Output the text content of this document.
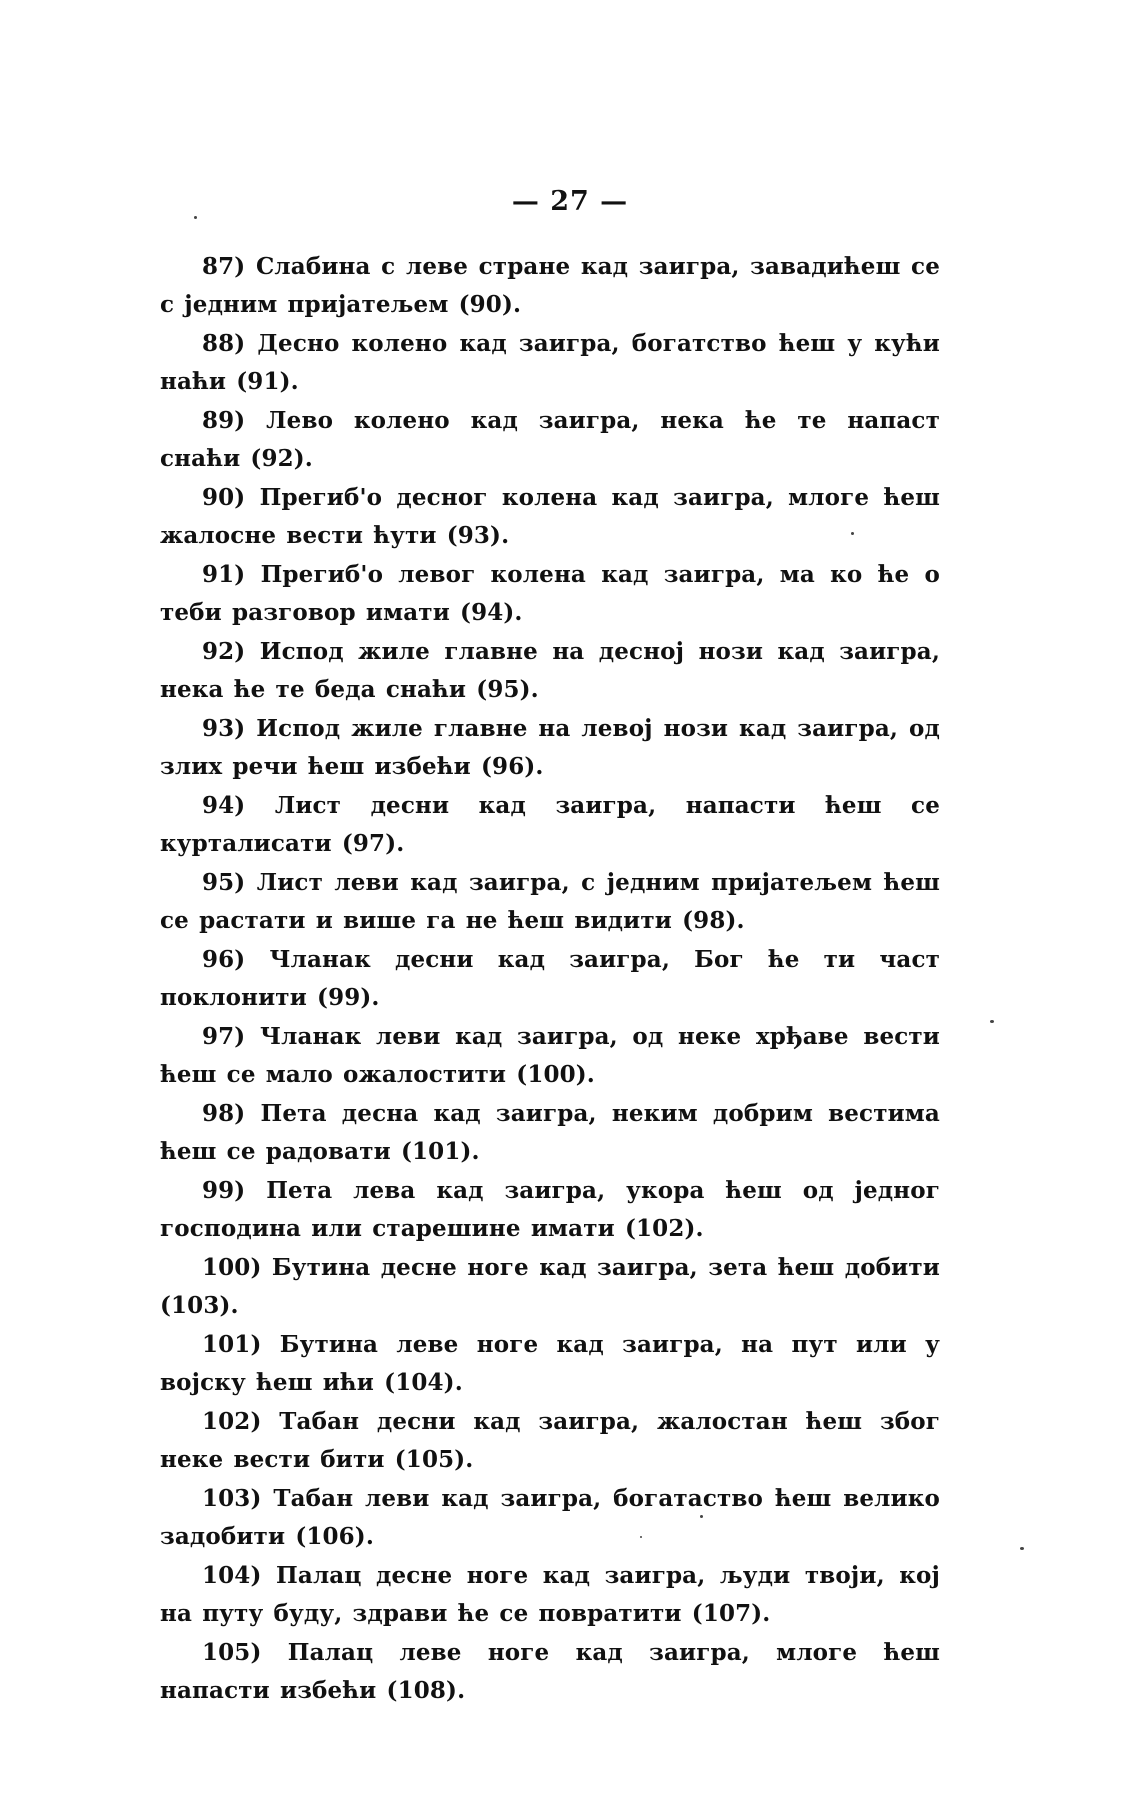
— 27 —

87) Слабина с леве стране кад заигра, завадићеш се с једним пријатељем (90).

88) Десно колено кад заигра, богатство ћеш у кући наћи (91).

89) Лево колено кад заигра, нека ће те напаст снаћи (92).

90) Прегиб'о десног колена кад заигра, млоге ћеш жалосне вести ћути (93).

91) Прегиб'о левог колена кад заигра, ма ко ће о теби разговор имати (94).

92) Испод жиле главне на десној нози кад заигра, нека ће те беда снаћи (95).

93) Испод жиле главне на левој нози кад заигра, од злих речи ћеш избећи (96).

94) Лист десни кад заигра, напасти ћеш се курталисати (97).

95) Лист леви кад заигра, с једним пријатељем ћеш се растати и више га не ћеш видити (98).

96) Чланак десни кад заигра, Бог ће ти част поклонити (99).

97) Чланак леви кад заигра, од неке хрђаве вести ћеш се мало ожалостити (100).

98) Пета десна кад заигра, неким добрим вестима ћеш се радовати (101).

99) Пета лева кад заигра, укора ћеш од једног господина или старешине имати (102).

100) Бутина десне ноге кад заигра, зета ћеш добити (103).

101) Бутина леве ноге кад заигра, на пут или у војску ћеш ићи (104).

102) Табан десни кад заигра, жалостан ћеш због неке вести бити (105).

103) Табан леви кад заигра, богатаство ћеш велико задобити (106).

104) Палац десне ноге кад заигра, људи твоји, кој на путу буду, здрави ће се повратити (107).

105) Палац леве ноге кад заигра, млоге ћеш напасти избећи (108).
